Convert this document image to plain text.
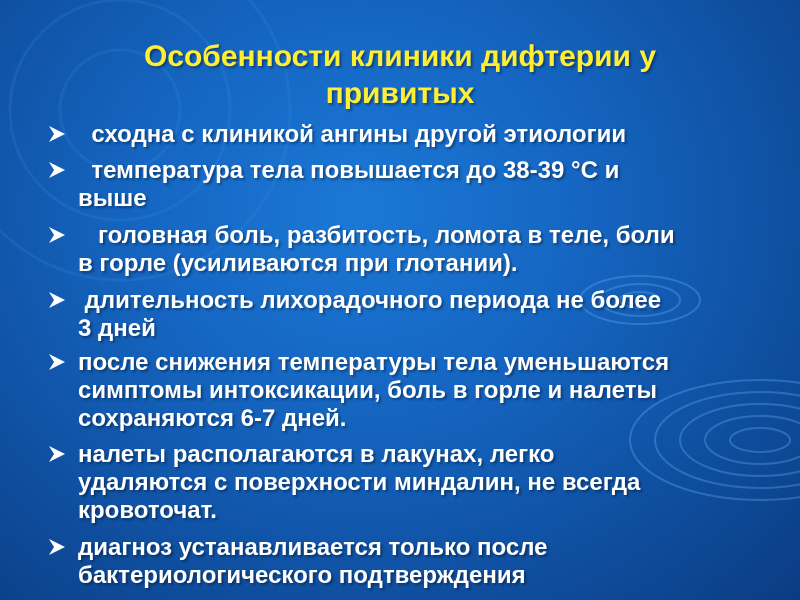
Особенности клиники дифтерии у
привитых
сходна с клиникой ангины другой этиологии
температура тела повышается до 38-39 °С и
выше
головная боль, разбитость, ломота в теле, боли
в горле (усиливаются при глотании).
длительность лихорадочного периода не более
3 дней
после снижения температуры тела уменьшаются
симптомы интоксикации, боль в горле и налеты
сохраняются 6-7 дней.
налеты располагаются в лакунах, легко
удаляются с поверхности миндалин, не всегда
кровоточат.
диагноз устанавливается только после
бактериологического подтверждения
